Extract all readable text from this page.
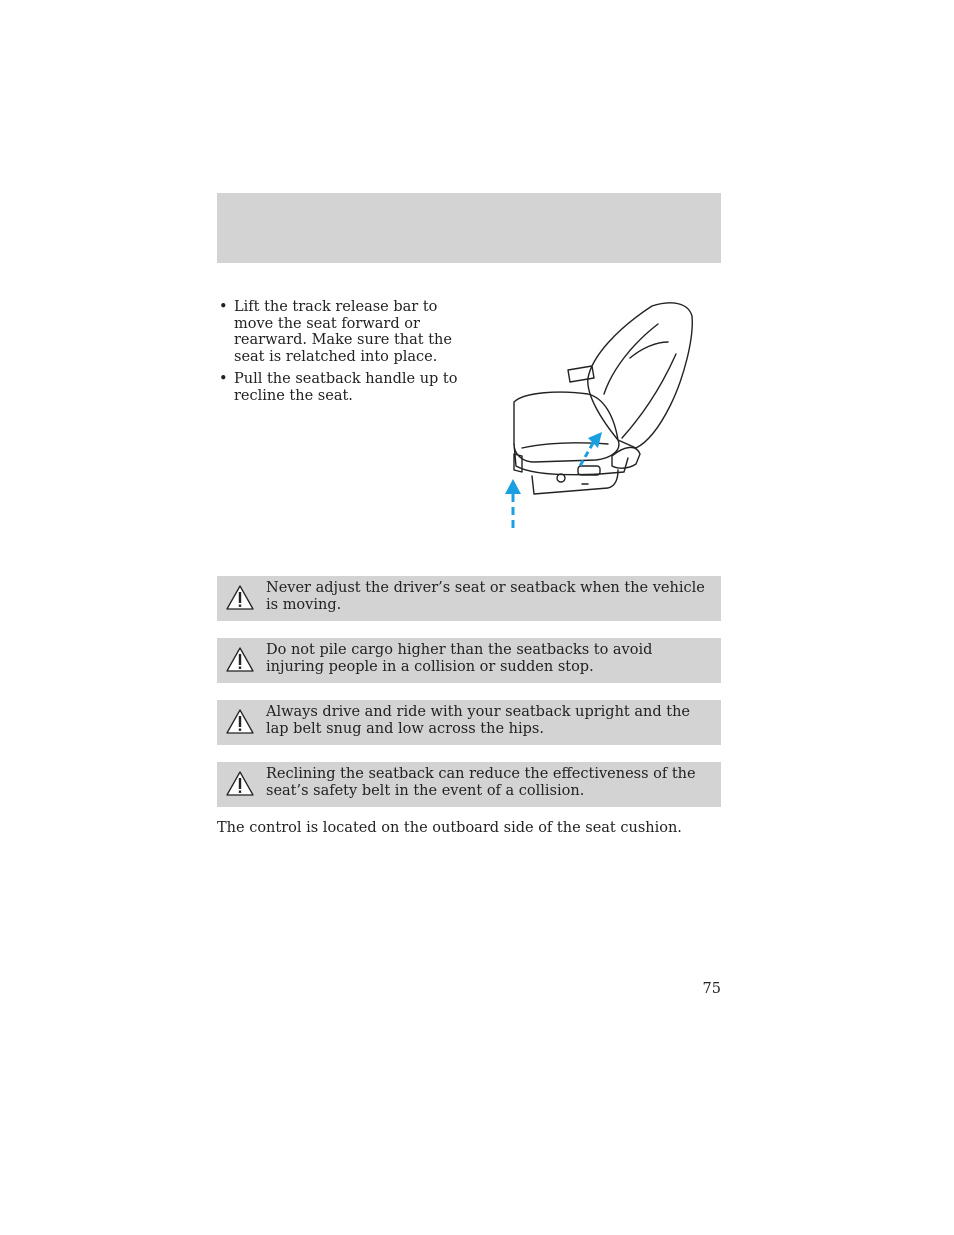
• Lift the track release bar to move the seat forward or rearward. Make sure that the seat is relatched into place.
• Pull the seatback handle up to recline the seat.
Never adjust the driver’s seat or seatback when the vehicle is moving.
Do not pile cargo higher than the seatbacks to avoid injuring people in a collision or sudden stop.
Always drive and ride with your seatback upright and the lap belt snug and low across the hips.
Reclining the seatback can reduce the effectiveness of the seat’s safety belt in the event of a collision.
The control is located on the outboard side of the seat cushion.
75
